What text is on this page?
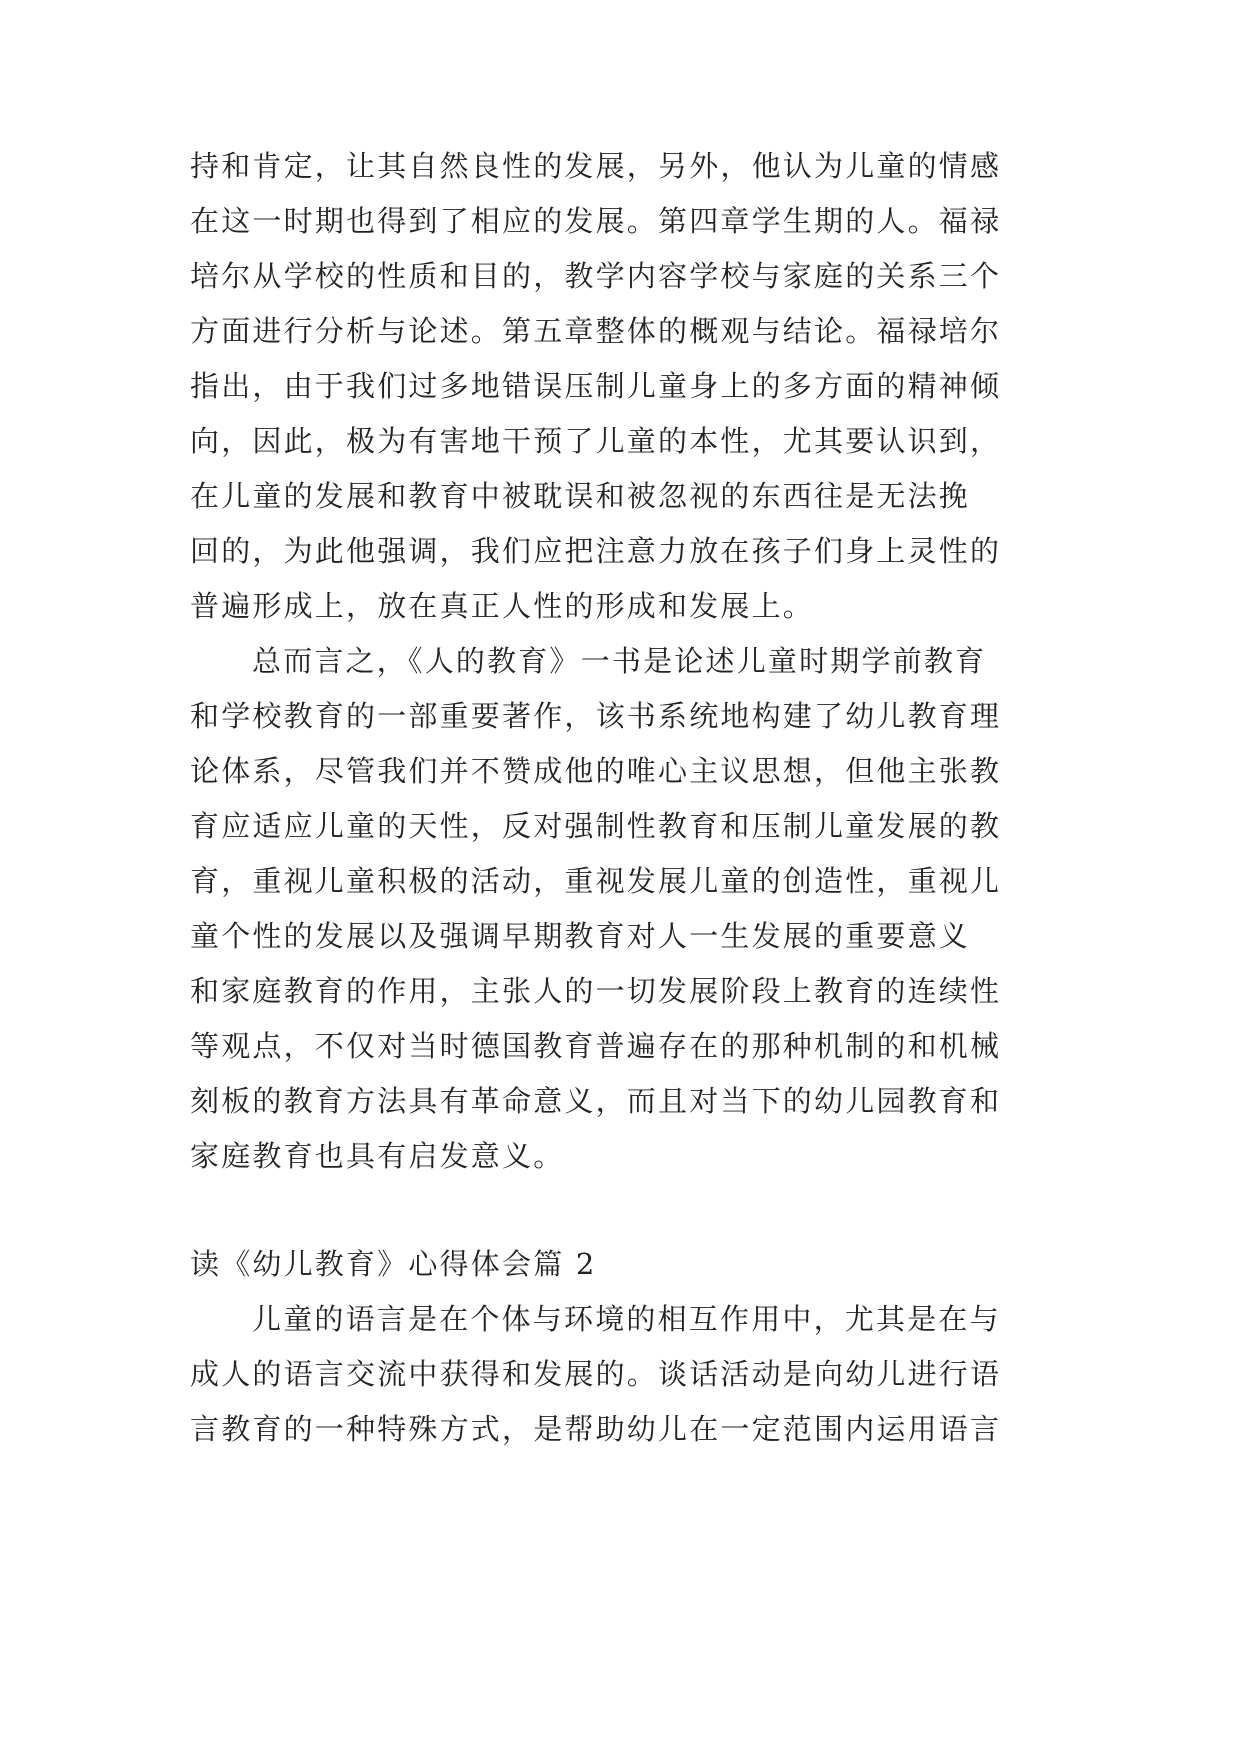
持和肯定，让其自然良性的发展，另外，他认为儿童的情感
在这一时期也得到了相应的发展。第四章学生期的人。福禄
培尔从学校的性质和目的，教学内容学校与家庭的关系三个
方面进行分析与论述。第五章整体的概观与结论。福禄培尔
指出，由于我们过多地错误压制儿童身上的多方面的精神倾
向，因此，极为有害地干预了儿童的本性，尤其要认识到，
在儿童的发展和教育中被耽误和被忽视的东西往是无法挽
回的，为此他强调，我们应把注意力放在孩子们身上灵性的
普遍形成上，放在真正人性的形成和发展上。
总而言之，《人的教育》一书是论述儿童时期学前教育
和学校教育的一部重要著作，该书系统地构建了幼儿教育理
论体系，尽管我们并不赞成他的唯心主议思想，但他主张教
育应适应儿童的天性，反对强制性教育和压制儿童发展的教
育，重视儿童积极的活动，重视发展儿童的创造性，重视儿
童个性的发展以及强调早期教育对人一生发展的重要意义
和家庭教育的作用，主张人的一切发展阶段上教育的连续性
等观点，不仅对当时德国教育普遍存在的那种机制的和机械
刻板的教育方法具有革命意义，而且对当下的幼儿园教育和
家庭教育也具有启发意义。
读《幼儿教育》心得体会篇 2
儿童的语言是在个体与环境的相互作用中，尤其是在与
成人的语言交流中获得和发展的。谈话活动是向幼儿进行语
言教育的一种特殊方式，是帮助幼儿在一定范围内运用语言
